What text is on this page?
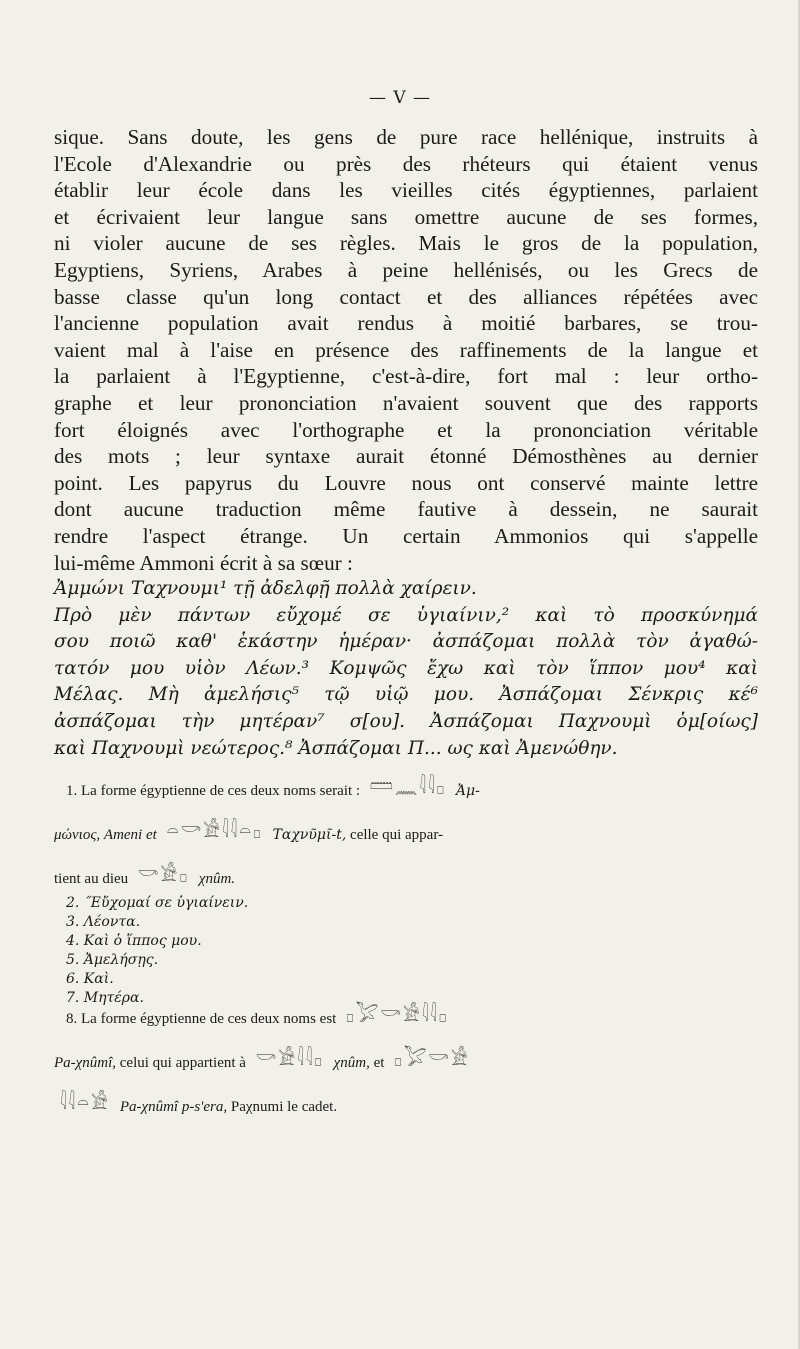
— V —
sique. Sans doute, les gens de pure race hellénique, instruits à
l'Ecole d'Alexandrie ou près des rhéteurs qui étaient venus
établir leur école dans les vieilles cités égyptiennes, parlaient
et écrivaient leur langue sans omettre aucune de ses formes,
ni violer aucune de ses règles. Mais le gros de la population,
Egyptiens, Syriens, Arabes à peine hellénisés, ou les Grecs de
basse classe qu'un long contact et des alliances répétées avec
l'ancienne population avait rendus à moitié barbares, se trou-
vaient mal à l'aise en présence des raffinements de la langue et
la parlaient à l'Egyptienne, c'est-à-dire, fort mal : leur ortho-
graphe et leur prononciation n'avaient souvent que des rapports
fort éloignés avec l'orthographe et la prononciation véritable
des mots ; leur syntaxe aurait étonné Démosthènes au dernier
point. Les papyrus du Louvre nous ont conservé mainte lettre
dont aucune traduction même fautive à dessein, ne saurait
rendre l'aspect étrange. Un certain Ammonios qui s'appelle
lui-même Ammoni écrit à sa sœur :
Ἀμμώνι Ταχνουμι¹ τῇ ἀδελφῇ πολλὰ χαίρειν.
Πρὸ μὲν πάντων εὔχομέ σε ὑγιαίνιν,² καὶ τὸ προσκύνημά
σου ποιῶ καθ' ἑκάστην ἡμέραν· ἀσπάζομαι πολλὰ τὸν ἀγαθώ-
τατόν μου υἱὸν Λέων.³ Κομψῶς ἔχω καὶ τὸν ἵππον μου⁴ καὶ
Μέλας. Μὴ ἀμελήσις⁵ τῷ υἱῷ μου. Ἀσπάζομαι Σένκρις κέ⁶
ἀσπάζομαι τὴν μητέραν⁷ σ[ου]. Ἀσπάζομαι Παχνουμὶ ὁμ[οίως]
καὶ Παχνουμὶ νεώτερος.⁸ Ἀσπάζομαι Π... ως καὶ Ἀμενώθην.
1. La forme égyptienne de ces deux noms serait : 𓏠𓈖𓇋𓇋𓊪 Ἀμ-
μώνιος, Ameni et 𓏏𓎡𓀀𓇋𓇋𓏏𓊪 Ταχνῦμῖ-t, celle qui appar-
tient au dieu 𓎡𓀀𓊪 χnûm.
2. ˝Εὔχομαί σε ὑγιαίνειν.
3. Λέοντα.
4. Καὶ ὁ ἵππος μου.
5. Ἀμελήσῃς.
6. Καὶ.
7. Μητέρα.
8. La forme égyptienne de ces deux noms est 𓊪𓅯𓎡𓀀𓇋𓇋𓊪
Pa-χnûmî, celui qui appartient à 𓎡𓀀𓇋𓇋𓊪 χnûm, et 𓊪𓅯𓎡𓀀
𓇋𓇋𓏏𓀀 Pa-χnûmî p-s'era, Paχnumi le cadet.
